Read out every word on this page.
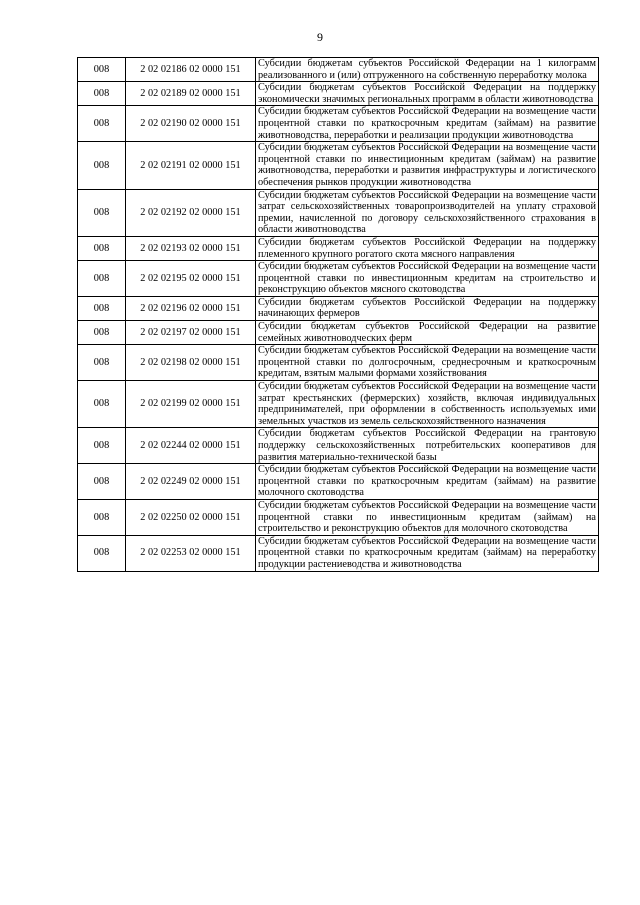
9
008	2 02 02186 02 0000 151	Субсидии бюджетам субъектов Российской Федерации на 1 килограмм реализованного и (или) отгруженного на собственную переработку молока
008	2 02 02189 02 0000 151	Субсидии бюджетам субъектов Российской Федерации на поддержку экономически значимых региональных программ в области животноводства
008	2 02 02190 02 0000 151	Субсидии бюджетам субъектов Российской Федерации на возмещение части процентной ставки по краткосрочным кредитам (займам) на развитие животноводства, переработки и реализации продукции животноводства
008	2 02 02191 02 0000 151	Субсидии бюджетам субъектов Российской Федерации на возмещение части процентной ставки по инвестиционным кредитам (займам) на развитие животноводства, переработки и развития инфраструктуры и логистического обеспечения рынков продукции животноводства
008	2 02 02192 02 0000 151	Субсидии бюджетам субъектов Российской Федерации на возмещение части затрат сельскохозяйственных товаропроизводителей на уплату страховой премии, начисленной по договору сельскохозяйственного страхования в области животноводства
008	2 02 02193 02 0000 151	Субсидии бюджетам субъектов Российской Федерации на поддержку племенного крупного рогатого скота мясного направления
008	2 02 02195 02 0000 151	Субсидии бюджетам субъектов Российской Федерации на возмещение части процентной ставки по инвестиционным кредитам на строительство и реконструкцию объектов мясного скотоводства
008	2 02 02196 02 0000 151	Субсидии бюджетам субъектов Российской Федерации на поддержку начинающих фермеров
008	2 02 02197 02 0000 151	Субсидии бюджетам субъектов Российской Федерации на развитие семейных животноводческих ферм
008	2 02 02198 02 0000 151	Субсидии бюджетам субъектов Российской Федерации на возмещение части процентной ставки по долгосрочным, среднесрочным и краткосрочным кредитам, взятым малыми формами хозяйствования
008	2 02 02199 02 0000 151	Субсидии бюджетам субъектов Российской Федерации на возмещение части затрат крестьянских (фермерских) хозяйств, включая индивидуальных предпринимателей, при оформлении в собственность используемых ими земельных участков из земель сельскохозяйственного назначения
008	2 02 02244 02 0000 151	Субсидии бюджетам субъектов Российской Федерации на грантовую поддержку сельскохозяйственных потребительских кооперативов для развития материально-технической базы
008	2 02 02249 02 0000 151	Субсидии бюджетам субъектов Российской Федерации на возмещение части процентной ставки по краткосрочным кредитам (займам) на развитие молочного скотоводства
008	2 02 02250 02 0000 151	Субсидии бюджетам субъектов Российской Федерации на возмещение части процентной ставки по инвестиционным кредитам (займам) на строительство и реконструкцию объектов для молочного скотоводства
008	2 02 02253 02 0000 151	Субсидии бюджетам субъектов Российской Федерации на возмещение части процентной ставки по краткосрочным кредитам (займам) на переработку продукции растениеводства и животноводства
